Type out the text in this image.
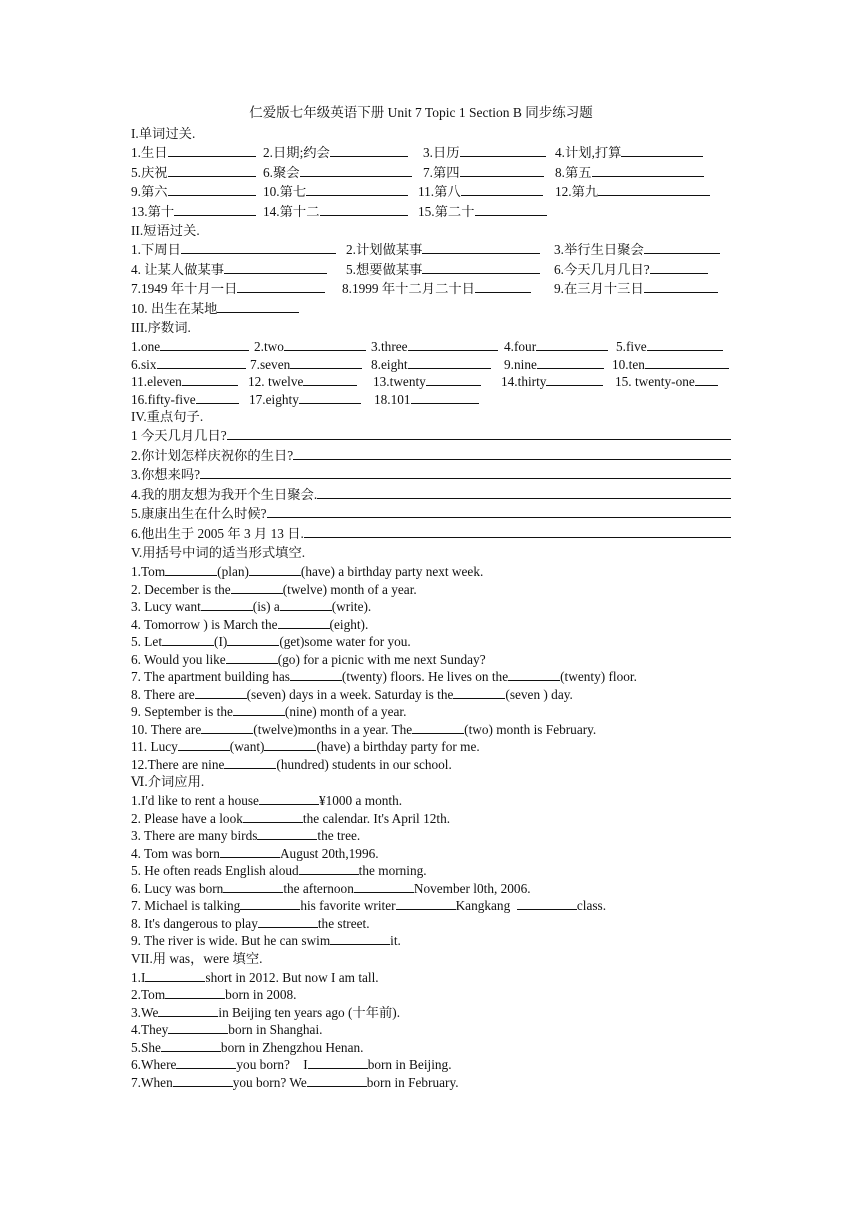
仁爱版七年级英语下册 Unit 7 Topic 1 Section B 同步练习题
I.单词过关.
1.生日	2.日期;约会	3.日历	4.计划,打算
5.庆祝	6.聚会	7.第四	8.第五
9.第六	10.第七	11.第八	12.第九
13.第十	14.第十二	15.第二十
II.短语过关.
1.下周日	2.计划做某事	3.举行生日聚会
4. 让某人做某事	5.想要做某事	6.今天几月几日?
7.1949 年十月一日	8.1999 年十二月二十日	9.在三月十三日
10. 出生在某地
III.序数词.
1.one	2.two	3.three	4.four	5.five
6.six	7.seven	8.eight	9.nine	10.ten
11.eleven	12. twelve	13.twenty	14.thirty	15. twenty-one
16.fifty-five	17.eighty	18.101
IV.重点句子.
1 今天几月几日?
2.你计划怎样庆祝你的生日?
3.你想来吗?
4.我的朋友想为我开个生日聚会.
5.康康出生在什么时候?
6.他出生于 2005 年 3 月 13 日.
V.用括号中词的适当形式填空.
1.Tom	(plan)	(have) a birthday party next week.
2. December is the	(twelve) month of a year.
3. Lucy want	(is) a	(write).
4. Tomorrow ) is March the	(eight).
5. Let	(I)	(get)some water for you.
6. Would you like	(go) for a picnic with me next Sunday?
7. The apartment building has	(twenty) floors. He lives on the	(twenty) floor.
8. There are	(seven) days in a week. Saturday is the	(seven ) day.
9. September is the	(nine) month of a year.
10. There are	(twelve)months in a year. The	(two) month is February.
11. Lucy	(want)	(have) a birthday party for me.
12.There are nine	(hundred) students in our school.
Ⅵ.介词应用.
1.I'd like to rent a house	¥1000 a month.
2. Please have a look	the calendar. It's April 12th.
3. There are many birds	the tree.
4. Tom was born	August 20th,1996.
5. He often reads English aloud	the morning.
6. Lucy was born	the afternoon	November l0th, 2006.
7. Michael is talking	his favorite writer	Kangkang	class.
8. It's dangerous to play	the street.
9. The river is wide. But he can swim	it.
VII.用 was，were 填空.
1.I	short in 2012. But now I am tall.
2.Tom	born in 2008.
3.We	in Beijing ten years ago (十年前).
4.They	born in Shanghai.
5.She	born in Zhengzhou Henan.
6.Where	you born?    I	born in Beijing.
7.When	you born? We	born in February.
